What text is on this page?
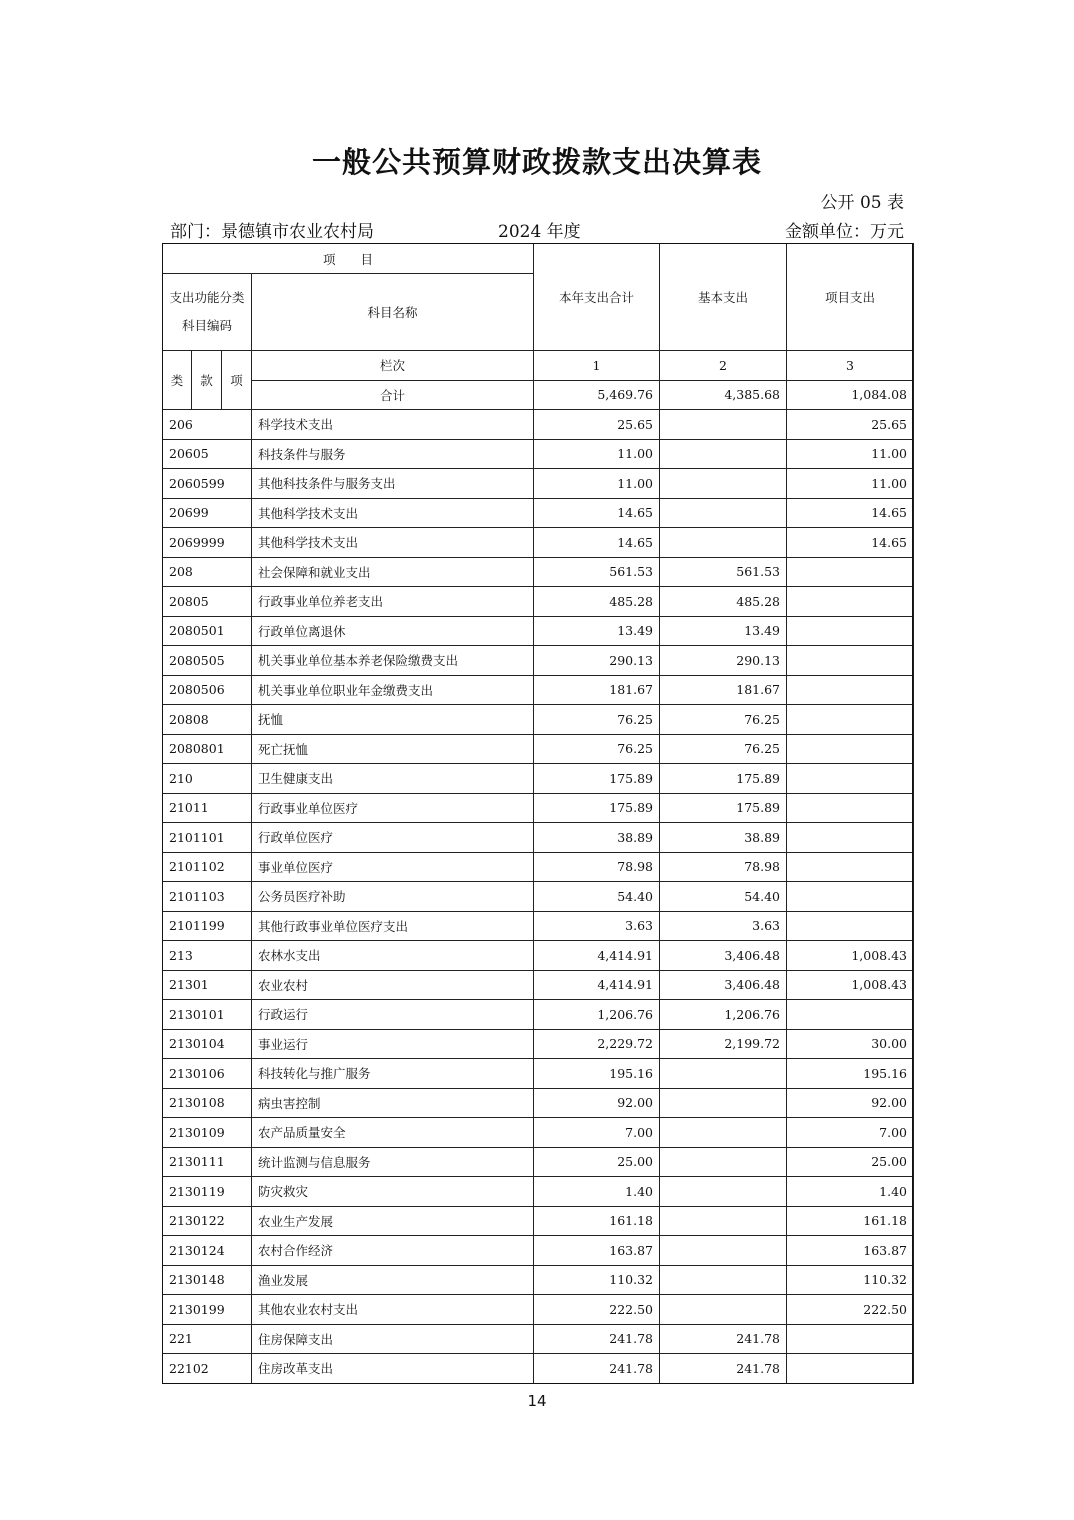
一般公共预算财政拨款支出决算表
公开 05 表
部门：景德镇市农业农村局	2024 年度	金额单位：万元
项　　目				本年支出合计	基本支出	项目支出
支出功能分类科目编码			科目名称			
类	款	项	栏次	1	2	3
			合计	5,469.76	4,385.68	1,084.08
206			科学技术支出	25.65		25.65
20605			科技条件与服务	11.00		11.00
2060599			其他科技条件与服务支出	11.00		11.00
20699			其他科学技术支出	14.65		14.65
2069999			其他科学技术支出	14.65		14.65
208			社会保障和就业支出	561.53	561.53	
20805			行政事业单位养老支出	485.28	485.28	
2080501			行政单位离退休	13.49	13.49	
2080505			机关事业单位基本养老保险缴费支出	290.13	290.13	
2080506			机关事业单位职业年金缴费支出	181.67	181.67	
20808			抚恤	76.25	76.25	
2080801			死亡抚恤	76.25	76.25	
210			卫生健康支出	175.89	175.89	
21011			行政事业单位医疗	175.89	175.89	
2101101			行政单位医疗	38.89	38.89	
2101102			事业单位医疗	78.98	78.98	
2101103			公务员医疗补助	54.40	54.40	
2101199			其他行政事业单位医疗支出	3.63	3.63	
213			农林水支出	4,414.91	3,406.48	1,008.43
21301			农业农村	4,414.91	3,406.48	1,008.43
2130101			行政运行	1,206.76	1,206.76	
2130104			事业运行	2,229.72	2,199.72	30.00
2130106			科技转化与推广服务	195.16		195.16
2130108			病虫害控制	92.00		92.00
2130109			农产品质量安全	7.00		7.00
2130111			统计监测与信息服务	25.00		25.00
2130119			防灾救灾	1.40		1.40
2130122			农业生产发展	161.18		161.18
2130124			农村合作经济	163.87		163.87
2130148			渔业发展	110.32		110.32
2130199			其他农业农村支出	222.50		222.50
221			住房保障支出	241.78	241.78	
22102			住房改革支出	241.78	241.78	
14
